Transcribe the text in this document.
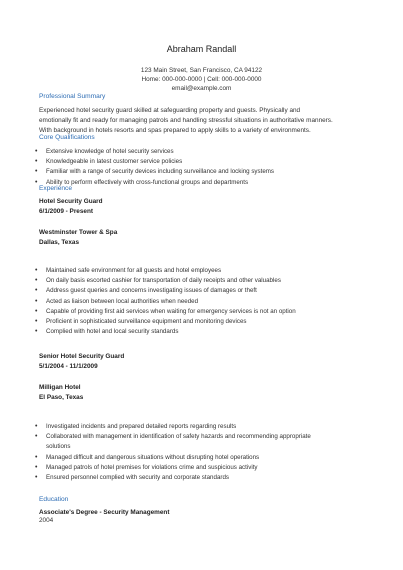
Abraham Randall
123 Main Street, San Francisco, CA 94122
Home: 000-000-0000 | Cell: 000-000-0000
email@example.com
Professional Summary
Experienced hotel security guard skilled at safeguarding property and guests. Physically and
emotionally fit and ready for managing patrols and handling stressful situations in authoritative manners.
With background in hotels resorts and spas prepared to apply skills to a variety of environments.
Core Qualifications
• Extensive knowledge of hotel security services
• Knowledgeable in latest customer service policies
• Familiar with a range of security devices including surveillance and locking systems
• Ability to perform effectively with cross-functional groups and departments
Experience
Hotel Security Guard
6/1/2009 - Present
Westminster Tower & Spa
Dallas, Texas
• Maintained safe environment for all guests and hotel employees
• On daily basis escorted cashier for transportation of daily receipts and other valuables
• Address guest queries and concerns investigating issues of damages or theft
• Acted as liaison between local authorities when needed
• Capable of providing first aid services when waiting for emergency services is not an option
• Proficient in sophisticated surveillance equipment and monitoring devices
• Complied with hotel and local security standards
Senior Hotel Security Guard
5/1/2004 - 11/1/2009
Milligan Hotel
El Paso, Texas
• Investigated incidents and prepared detailed reports regarding results
• Collaborated with management in identification of safety hazards and recommending appropriate
solutions
• Managed difficult and dangerous situations without disrupting hotel operations
• Managed patrols of hotel premises for violations crime and suspicious activity
• Ensured personnel complied with security and corporate standards
Education
Associate's Degree - Security Management
2004
